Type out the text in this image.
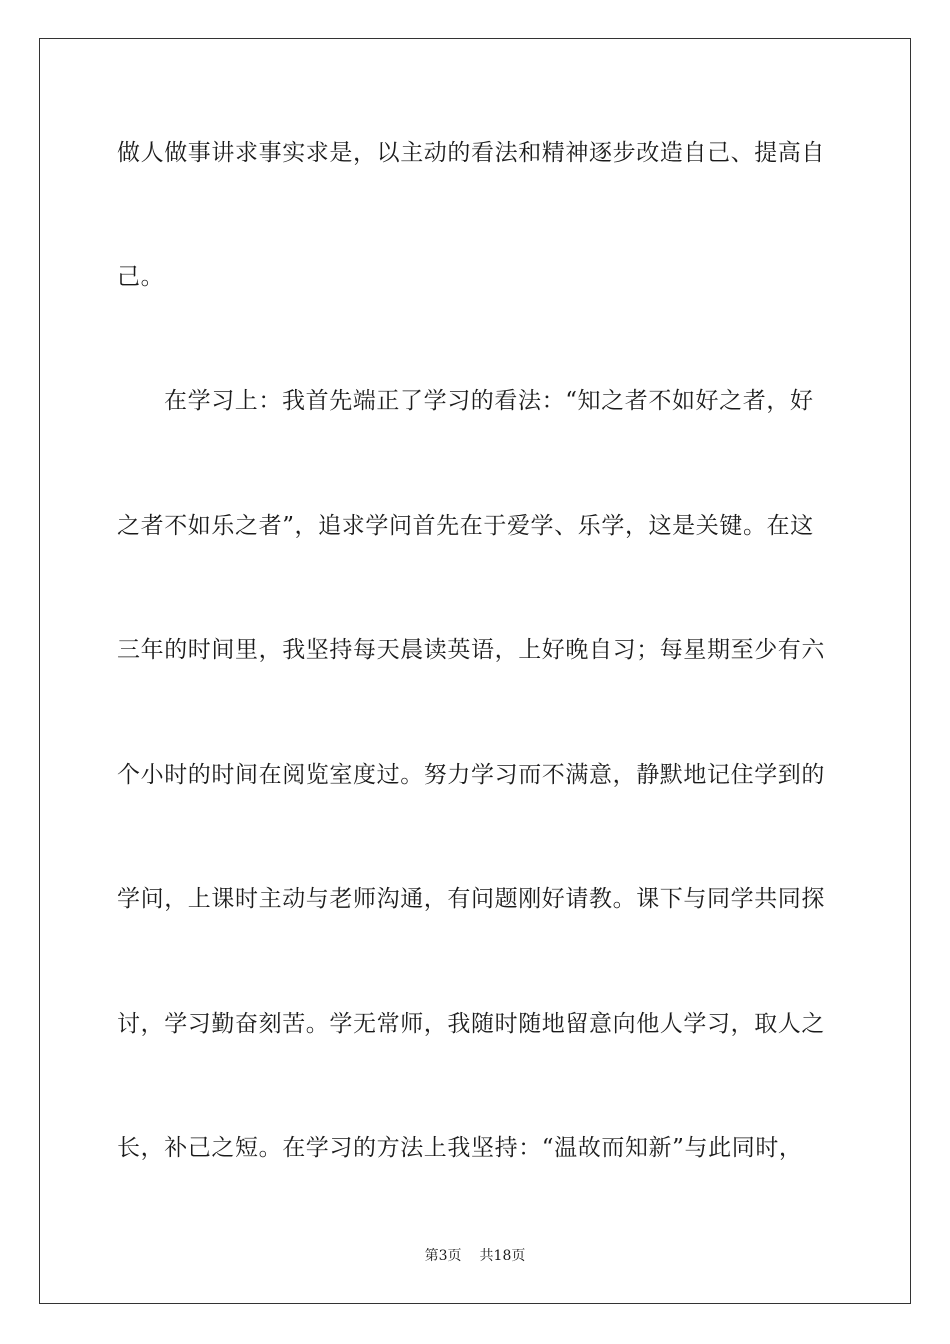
做人做事讲求事实求是，以主动的看法和精神逐步改造自己、提高自
己。
在学习上：我首先端正了学习的看法：“知之者不如好之者，好
之者不如乐之者”，追求学问首先在于爱学、乐学，这是关键。在这
三年的时间里，我坚持每天晨读英语，上好晚自习；每星期至少有六
个小时的时间在阅览室度过。努力学习而不满意，静默地记住学到的
学问，上课时主动与老师沟通，有问题刚好请教。课下与同学共同探
讨，学习勤奋刻苦。学无常师，我随时随地留意向他人学习，取人之
长，补己之短。在学习的方法上我坚持：“温故而知新”与此同时，
第3页 共18页
